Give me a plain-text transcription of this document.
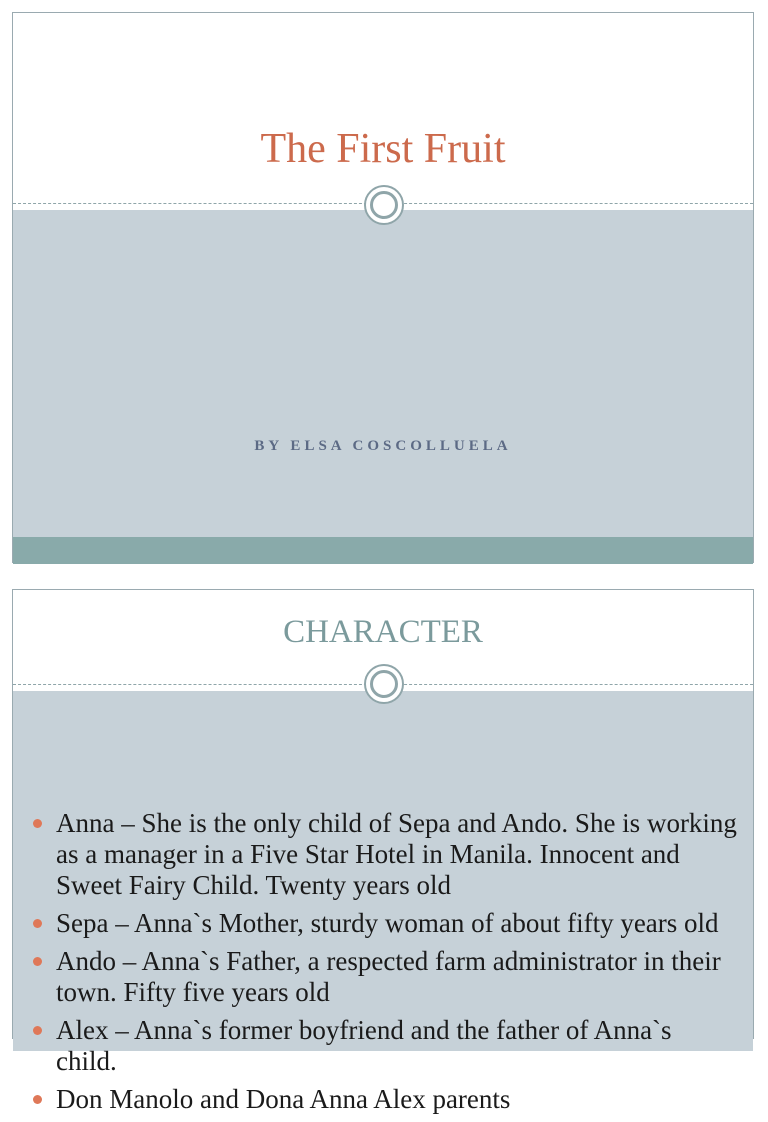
The First Fruit
BY ELSA COSCOLLUELA
CHARACTER
Anna – She is the only child of Sepa and Ando. She is working as a manager in a Five Star Hotel in Manila. Innocent and Sweet Fairy Child. Twenty years old
Sepa – Anna`s Mother, sturdy woman of about fifty years old
Ando – Anna`s Father, a respected farm administrator in their town. Fifty five years old
Alex – Anna`s former boyfriend and the father of Anna`s child.
Don Manolo and Dona Anna Alex parents
